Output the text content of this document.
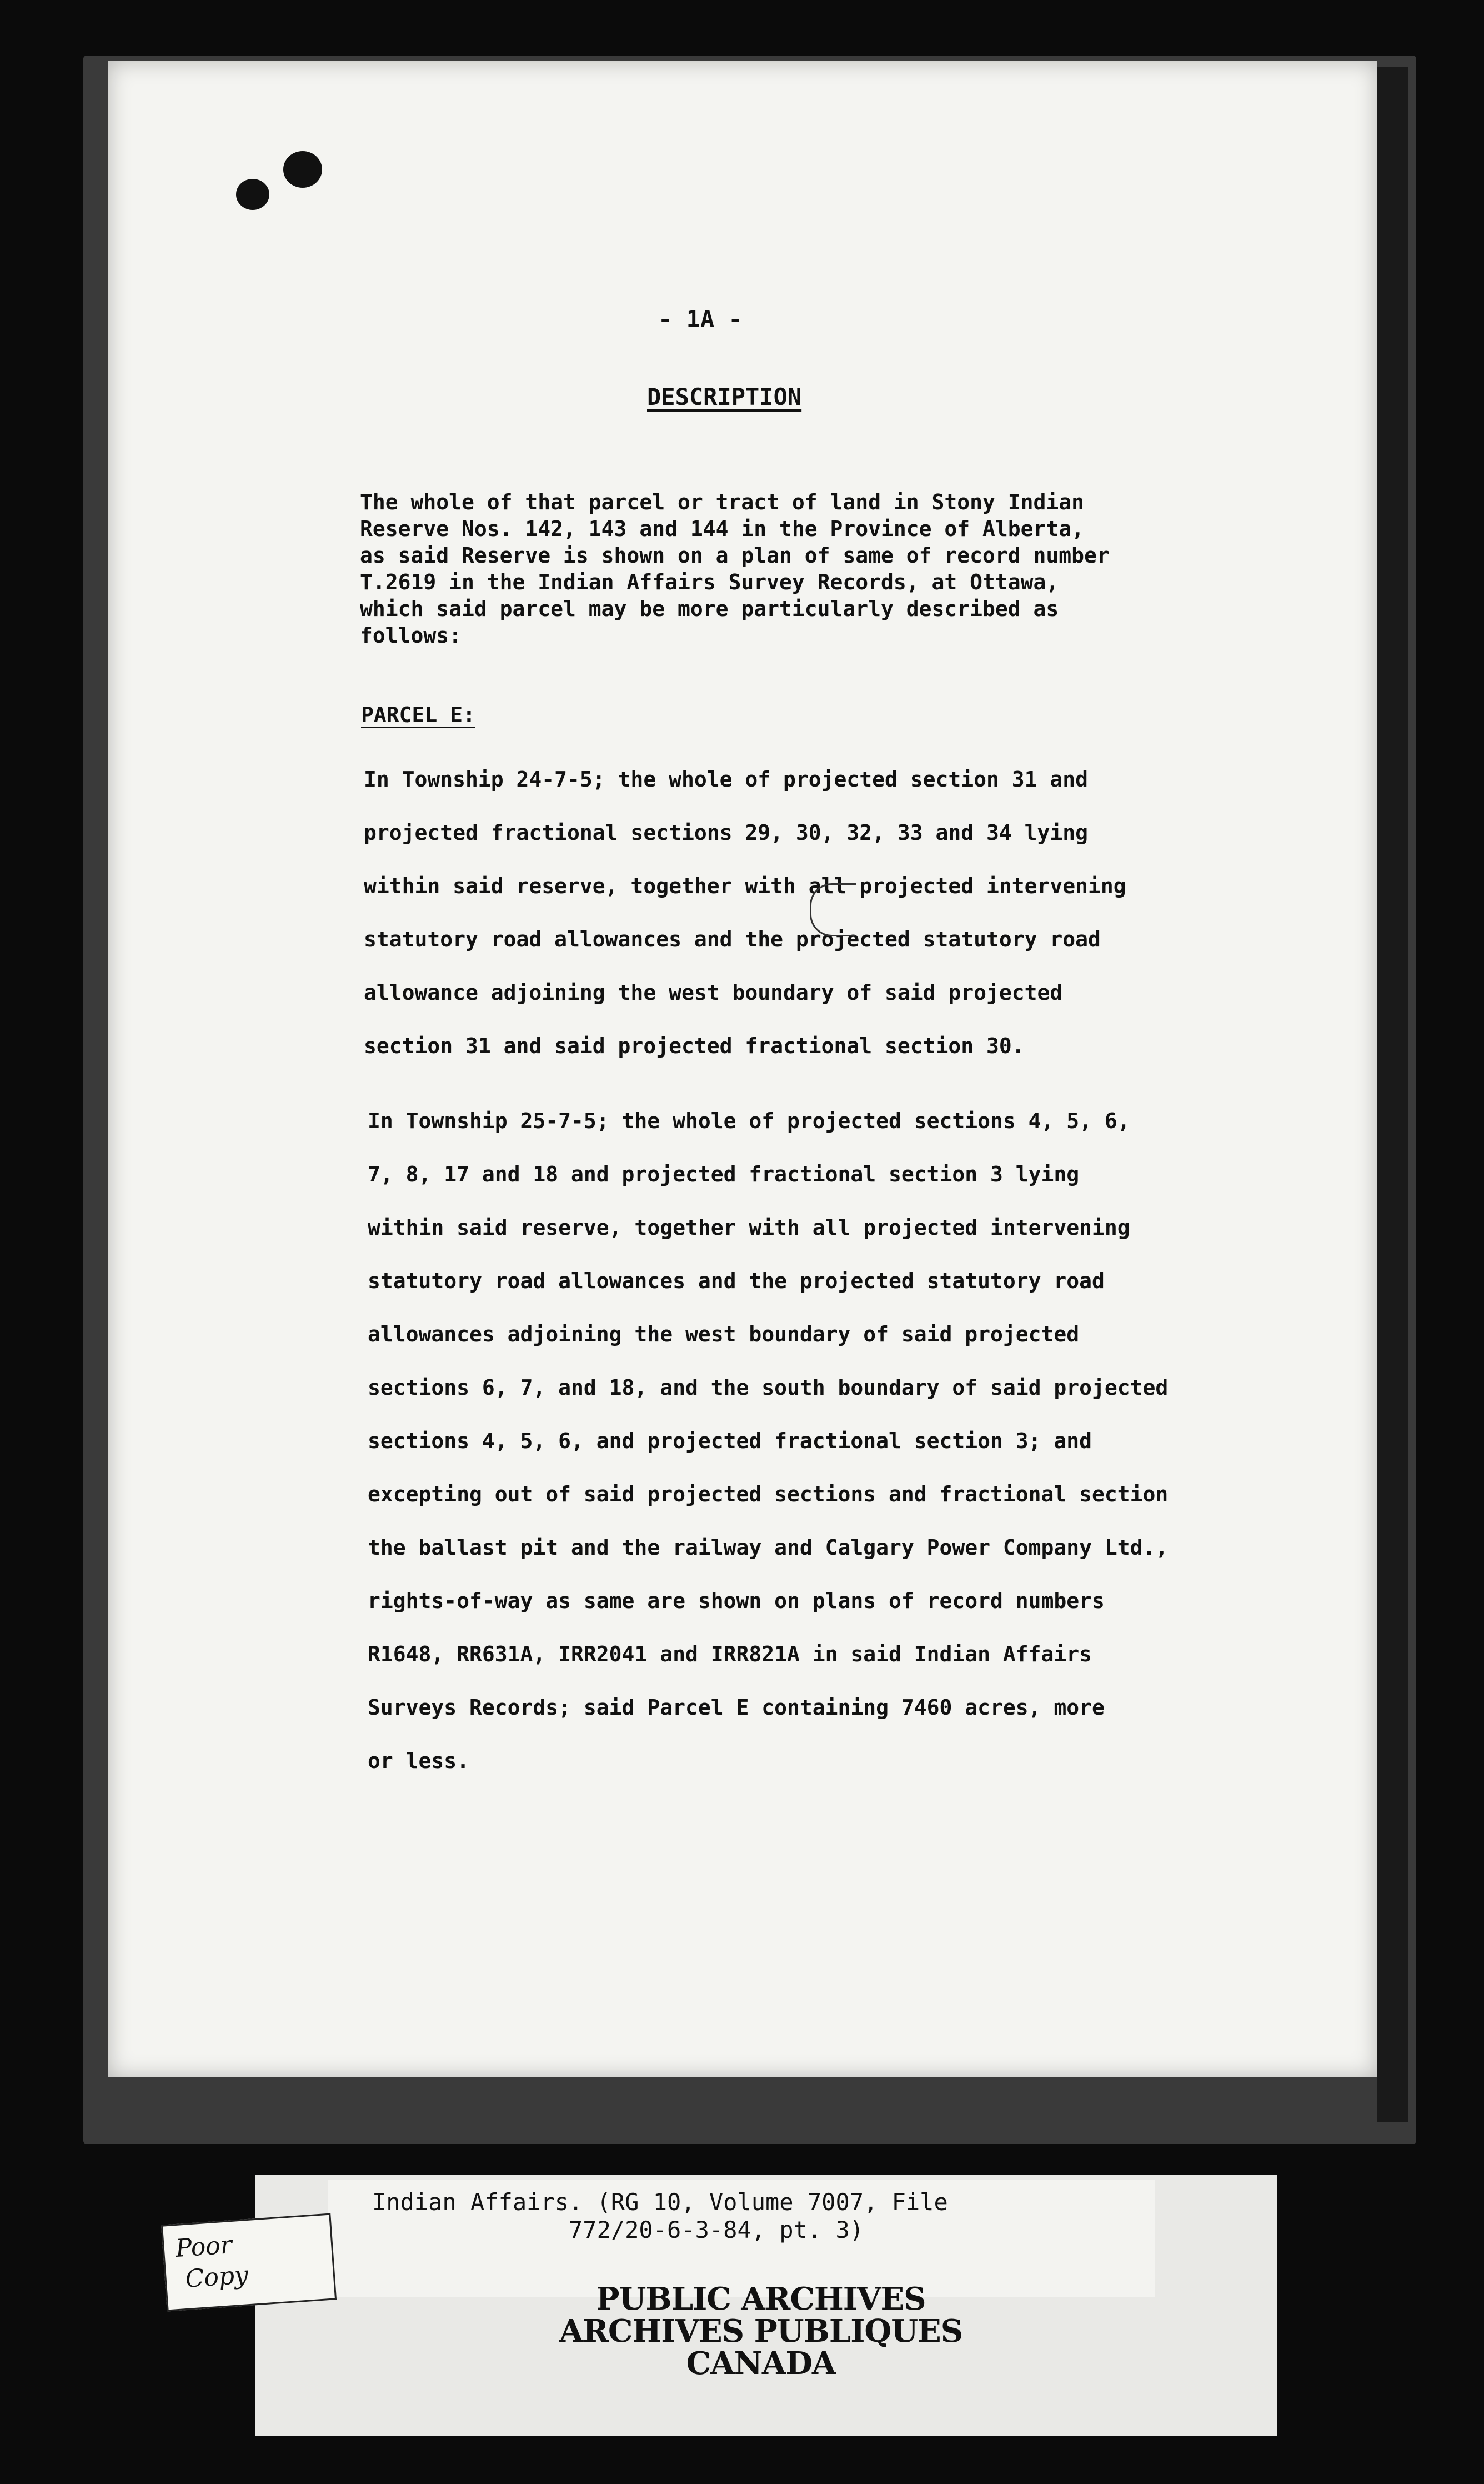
- 1A -

DESCRIPTION

The whole of that parcel or tract of land in Stony Indian
Reserve Nos. 142, 143 and 144 in the Province of Alberta,
as said Reserve is shown on a plan of same of record number
T.2619 in the Indian Affairs Survey Records, at Ottawa,
which said parcel may be more particularly described as
follows:

PARCEL E:

In Township 24-7-5; the whole of projected section 31 and
projected fractional sections 29, 30, 32, 33 and 34 lying
within said reserve, together with all projected intervening
statutory road allowances and the projected statutory road
allowance adjoining the west boundary of said projected
section 31 and said projected fractional section 30.
In Township 25-7-5; the whole of projected sections 4, 5, 6,
7, 8, 17 and 18 and projected fractional section 3 lying
within said reserve, together with all projected intervening
statutory road allowances and the projected statutory road
allowances adjoining the west boundary of said projected
sections 6, 7, and 18, and the south boundary of said projected
sections 4, 5, 6, and projected fractional section 3; and
excepting out of said projected sections and fractional section
the ballast pit and the railway and Calgary Power Company Ltd.,
rights-of-way as same are shown on plans of record numbers
R1648, RR631A, IRR2041 and IRR821A in said Indian Affairs
Surveys Records; said Parcel E containing 7460 acres, more
or less.
Indian Affairs. (RG 10, Volume 7007, File
772/20-6-3-84, pt. 3)
Poor
Copy
PUBLIC ARCHIVES
ARCHIVES PUBLIQUES
CANADA
